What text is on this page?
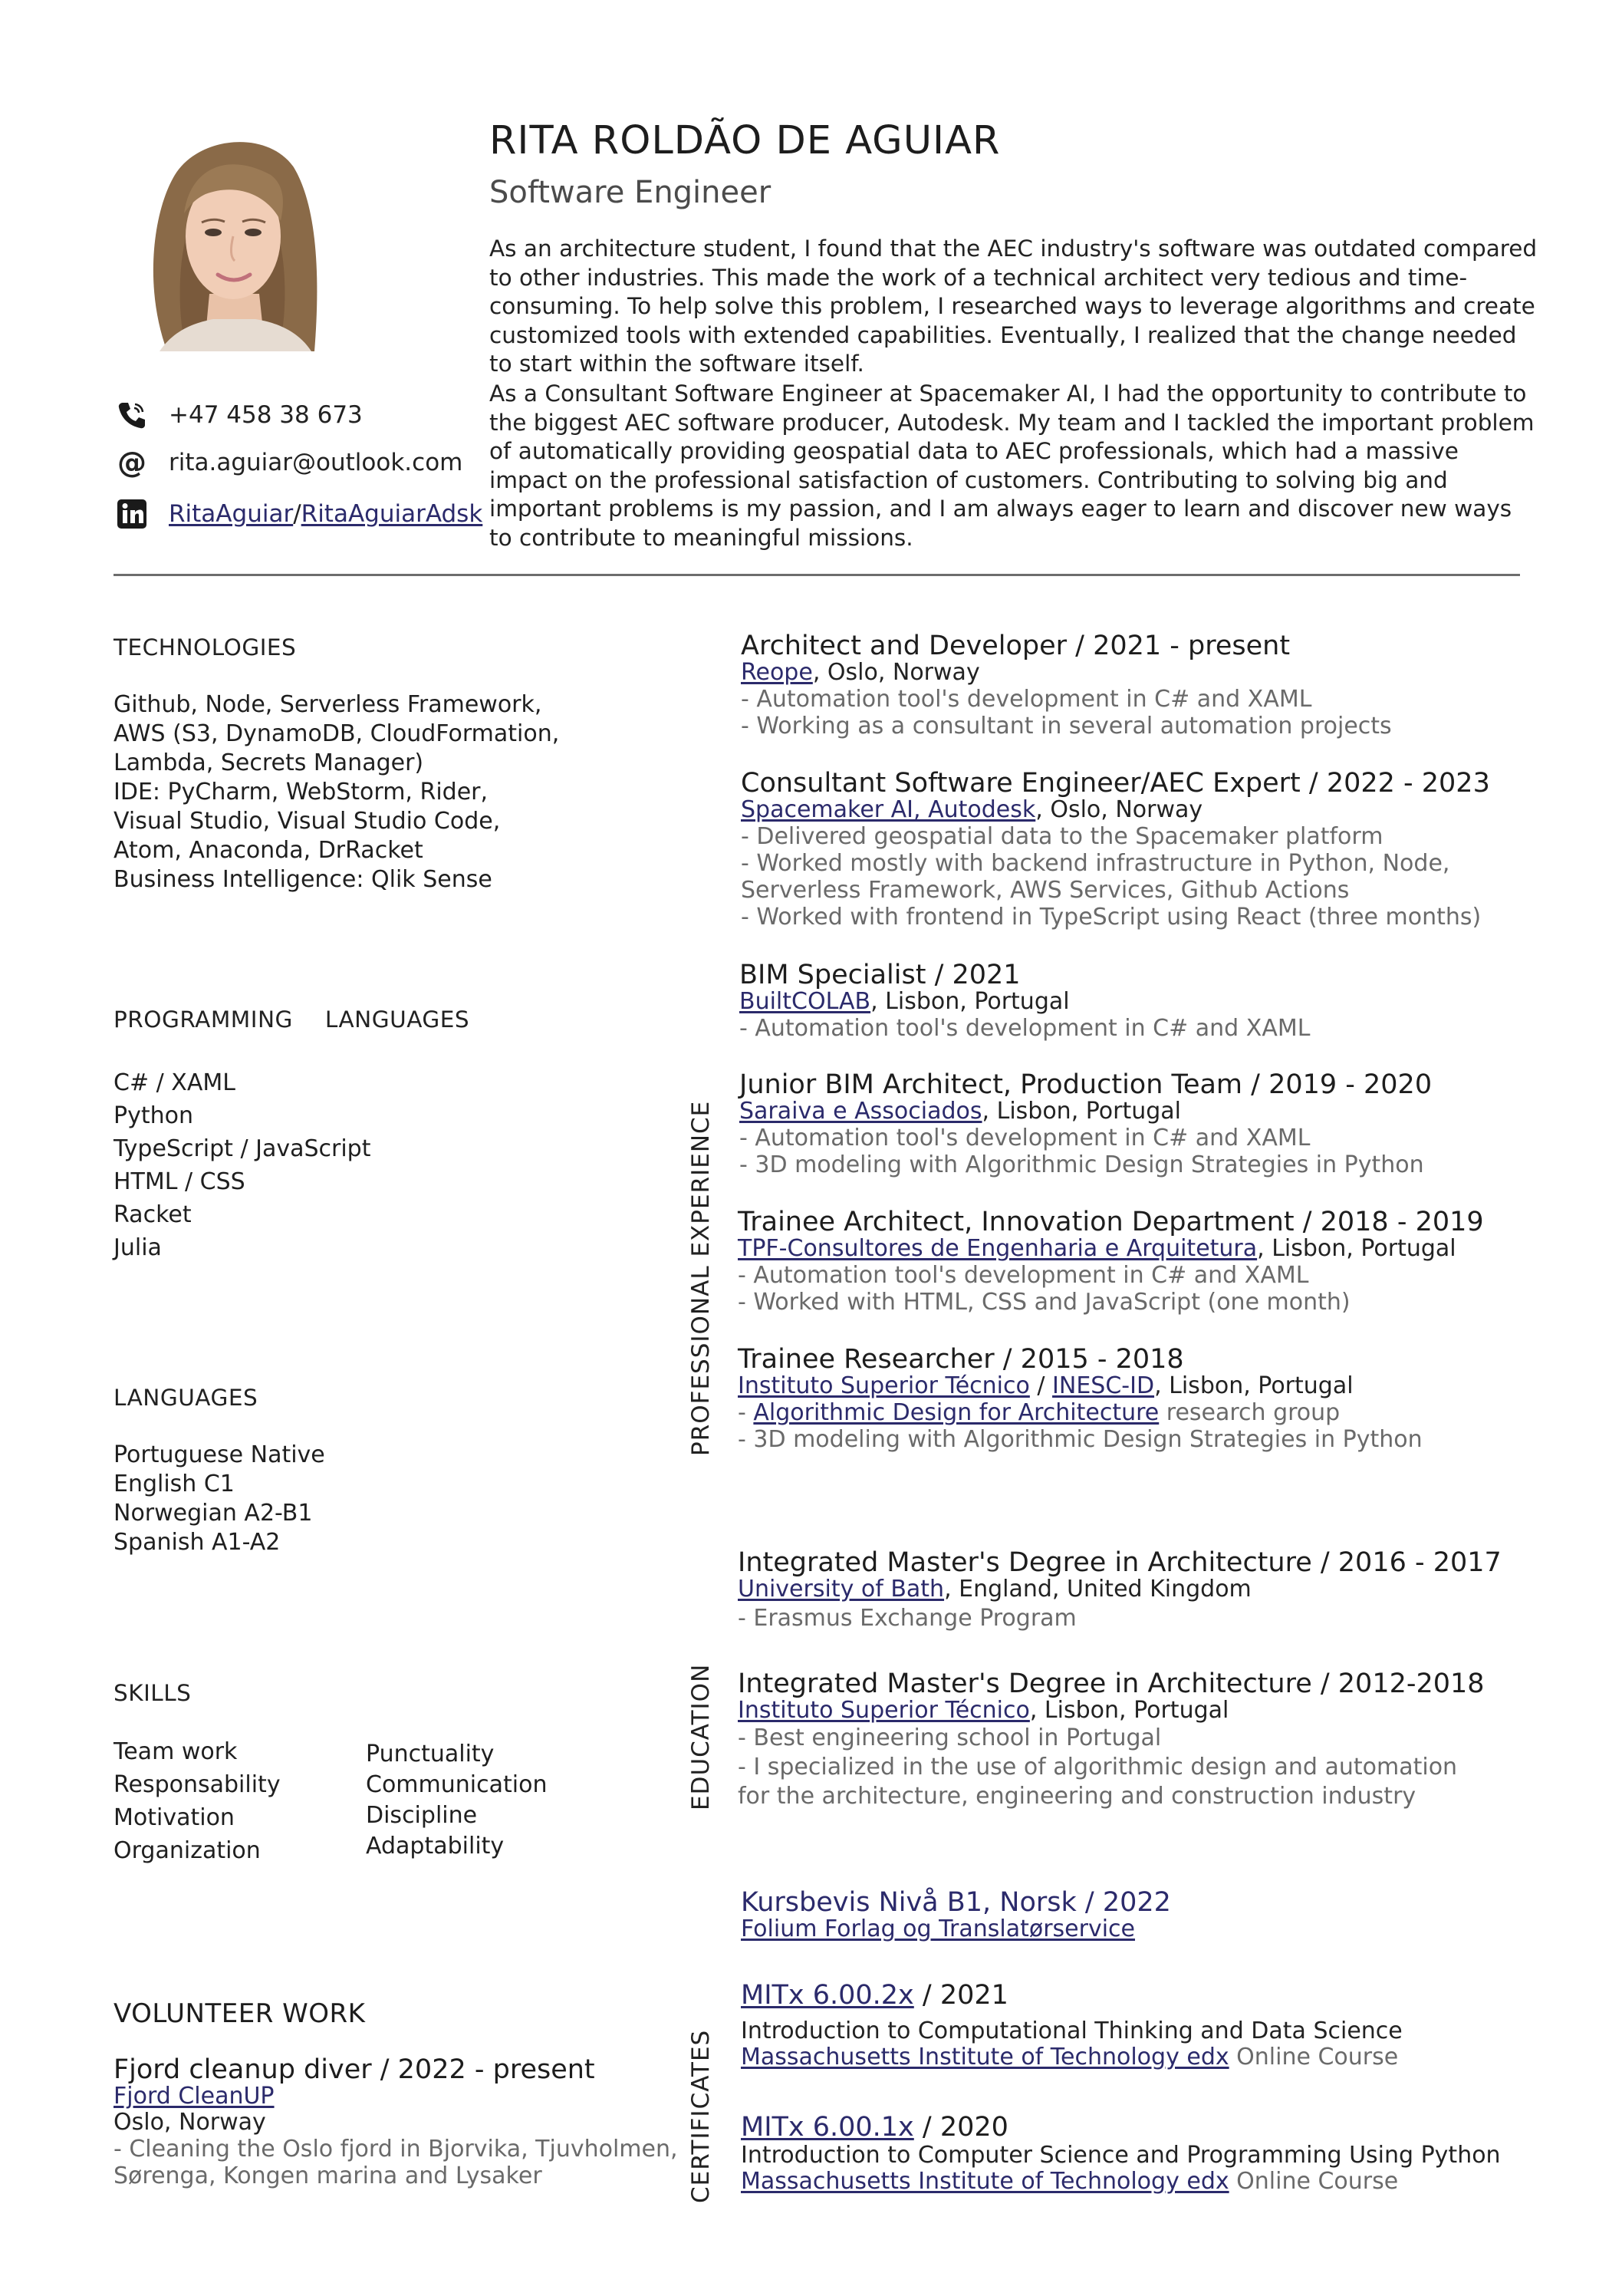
RITA ROLDÃO DE AGUIAR
Software Engineer
As an architecture student, I found that the AEC industry's software was outdated compared to other industries. This made the work of a technical architect very tedious and time-consuming. To help solve this problem, I researched ways to leverage algorithms and create customized tools with extended capabilities. Eventually, I realized that the change needed to start within the software itself.
As a Consultant Software Engineer at Spacemaker AI, I had the opportunity to contribute to the biggest AEC software producer, Autodesk. My team and I tackled the important problem of automatically providing geospatial data to AEC professionals, which had a massive impact on the professional satisfaction of customers. Contributing to solving big and important problems is my passion, and I am always eager to learn and discover new ways to contribute to meaningful missions.
+47 458 38 673
@ rita.aguiar@outlook.com
RitaAguiar / RitaAguiarAdsk
TECHNOLOGIES
Github, Node, Serverless Framework,
AWS (S3, DynamoDB, CloudFormation,
Lambda, Secrets Manager)
IDE: PyCharm, WebStorm, Rider,
Visual Studio, Visual Studio Code,
Atom, Anaconda, DrRacket
Business Intelligence: Qlik Sense
PROGRAMMING LANGUAGES
C# / XAML
Python
TypeScript / JavaScript
HTML / CSS
Racket
Julia
LANGUAGES
Portuguese Native
English C1
Norwegian A2-B1
Spanish A1-A2
SKILLS
Team work
Responsability
Motivation
Organization
Punctuality
Communication
Discipline
Adaptability
VOLUNTEER WORK
Fjord cleanup diver / 2022 - present
Fjord CleanUP
Oslo, Norway
- Cleaning the Oslo fjord in Bjorvika, Tjuvholmen,
Sørenga, Kongen marina and Lysaker
PROFESSIONAL EXPERIENCE
EDUCATION
CERTIFICATES
Architect and Developer / 2021 - present
Reope, Oslo, Norway
- Automation tool's development in C# and XAML
- Working as a consultant in several automation projects
Consultant Software Engineer/AEC Expert / 2022 - 2023
Spacemaker AI, Autodesk, Oslo, Norway
- Delivered geospatial data to the Spacemaker platform
- Worked mostly with backend infrastructure in Python, Node,
Serverless Framework, AWS Services, Github Actions
- Worked with frontend in TypeScript using React (three months)
BIM Specialist / 2021
BuiltCOLAB, Lisbon, Portugal
- Automation tool's development in C# and XAML
Junior BIM Architect, Production Team / 2019 - 2020
Saraiva e Associados, Lisbon, Portugal
- Automation tool's development in C# and XAML
- 3D modeling with Algorithmic Design Strategies in Python
Trainee Architect, Innovation Department / 2018 - 2019
TPF-Consultores de Engenharia e Arquitetura, Lisbon, Portugal
- Automation tool's development in C# and XAML
- Worked with HTML, CSS and JavaScript (one month)
Trainee Researcher / 2015 - 2018
Instituto Superior Técnico / INESC-ID, Lisbon, Portugal
- Algorithmic Design for Architecture research group
- 3D modeling with Algorithmic Design Strategies in Python
Integrated Master's Degree in Architecture / 2016 - 2017
University of Bath, England, United Kingdom
- Erasmus Exchange Program
Integrated Master's Degree in Architecture / 2012-2018
Instituto Superior Técnico, Lisbon, Portugal
- Best engineering school in Portugal
- I specialized in the use of algorithmic design and automation
for the architecture, engineering and construction industry
Kursbevis Nivå B1, Norsk / 2022
Folium Forlag og Translatørservice
MITx 6.00.2x / 2021
Introduction to Computational Thinking and Data Science
Massachusetts Institute of Technology edx Online Course
MITx 6.00.1x / 2020
Introduction to Computer Science and Programming Using Python
Massachusetts Institute of Technology edx Online Course
